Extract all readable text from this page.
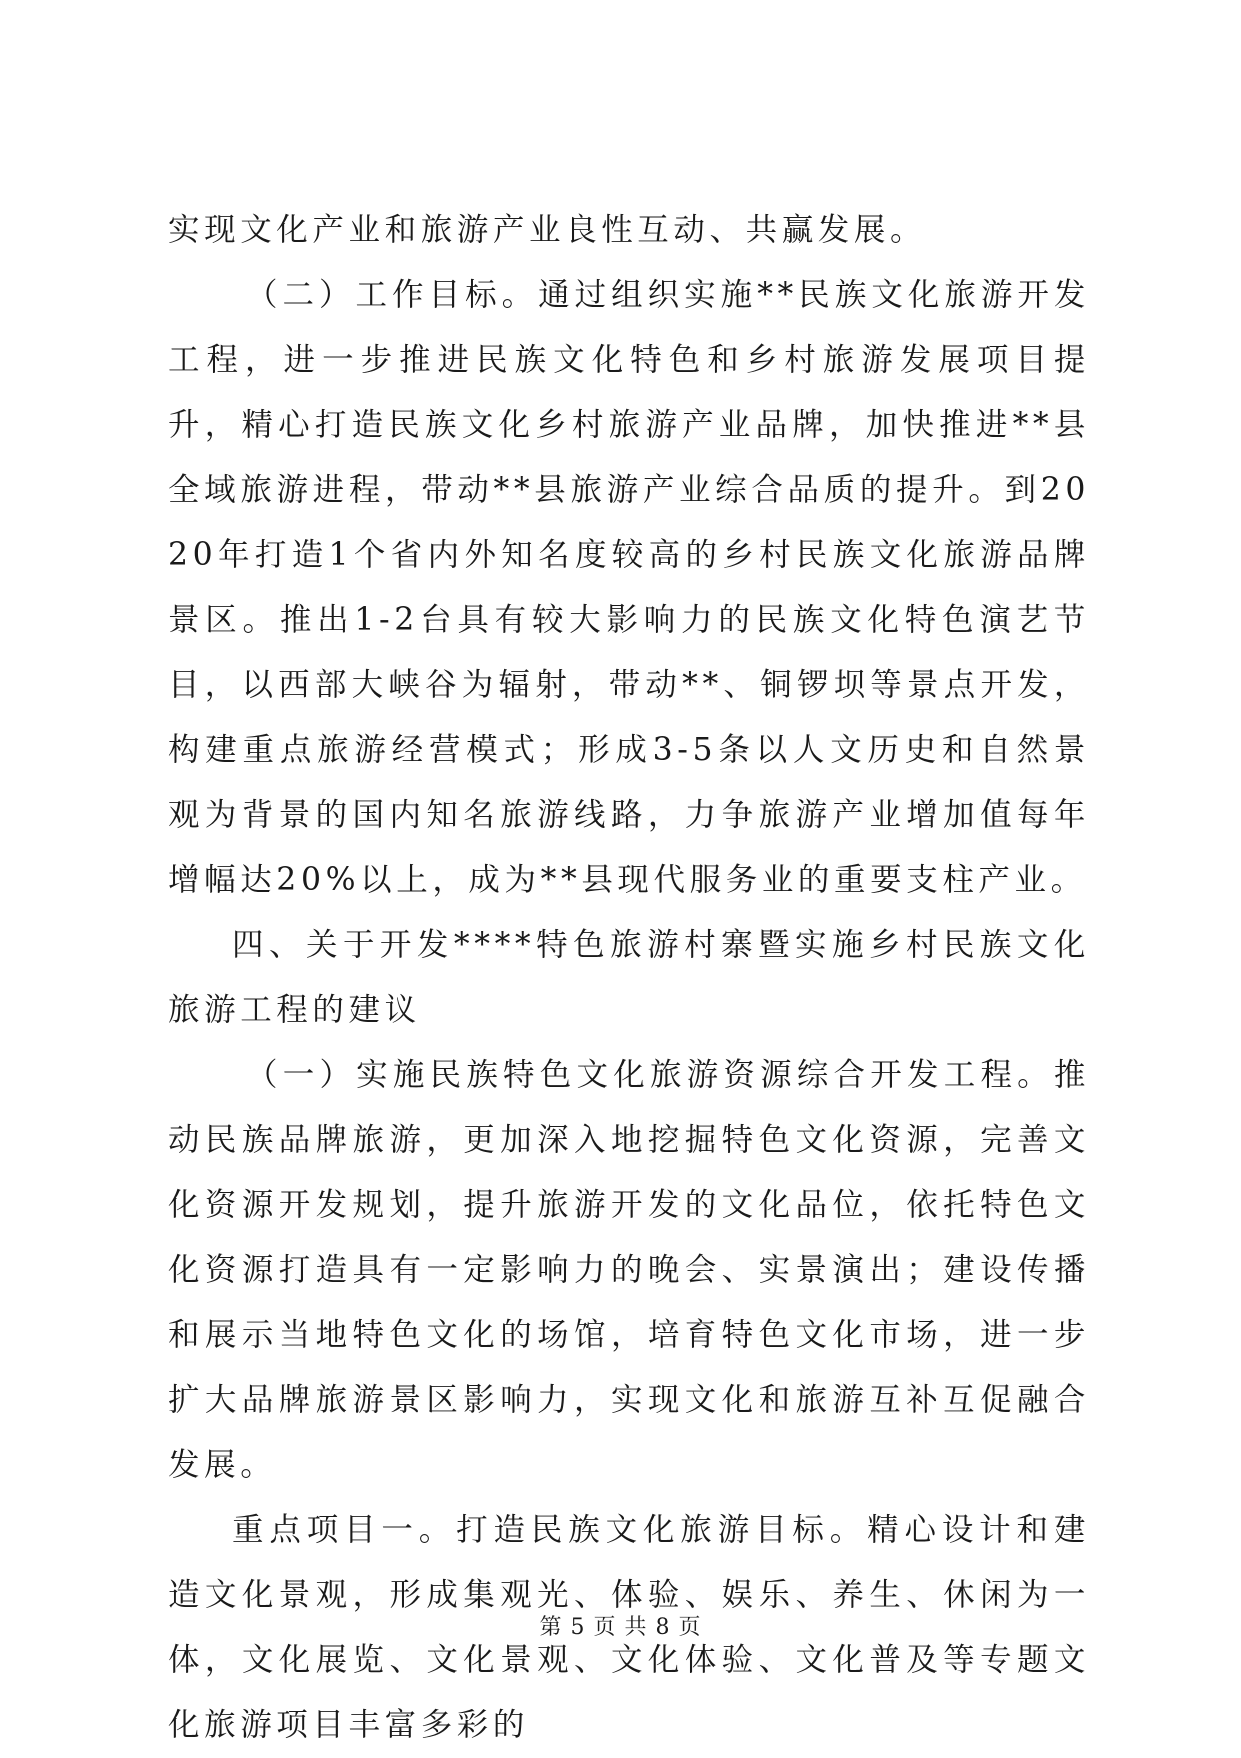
实现文化产业和旅游产业良性互动、共赢发展。

（二）工作目标。通过组织实施**民族文化旅游开发工程，进一步推进民族文化特色和乡村旅游发展项目提升，精心打造民族文化乡村旅游产业品牌，加快推进**县全域旅游进程，带动**县旅游产业综合品质的提升。到2020年打造1个省内外知名度较高的乡村民族文化旅游品牌景区。推出1-2台具有较大影响力的民族文化特色演艺节目，以西部大峡谷为辐射，带动**、铜锣坝等景点开发，构建重点旅游经营模式；形成3-5条以人文历史和自然景观为背景的国内知名旅游线路，力争旅游产业增加值每年增幅达20%以上，成为**县现代服务业的重要支柱产业。

四、关于开发****特色旅游村寨暨实施乡村民族文化旅游工程的建议

（一）实施民族特色文化旅游资源综合开发工程。推动民族品牌旅游，更加深入地挖掘特色文化资源，完善文化资源开发规划，提升旅游开发的文化品位，依托特色文化资源打造具有一定影响力的晚会、实景演出；建设传播和展示当地特色文化的场馆，培育特色文化市场，进一步扩大品牌旅游景区影响力，实现文化和旅游互补互促融合发展。

重点项目一。打造民族文化旅游目标。精心设计和建造文化景观，形成集观光、体验、娱乐、养生、休闲为一体，文化展览、文化景观、文化体验、文化普及等专题文化旅游项目丰富多彩的

第 5 页 共 8 页
